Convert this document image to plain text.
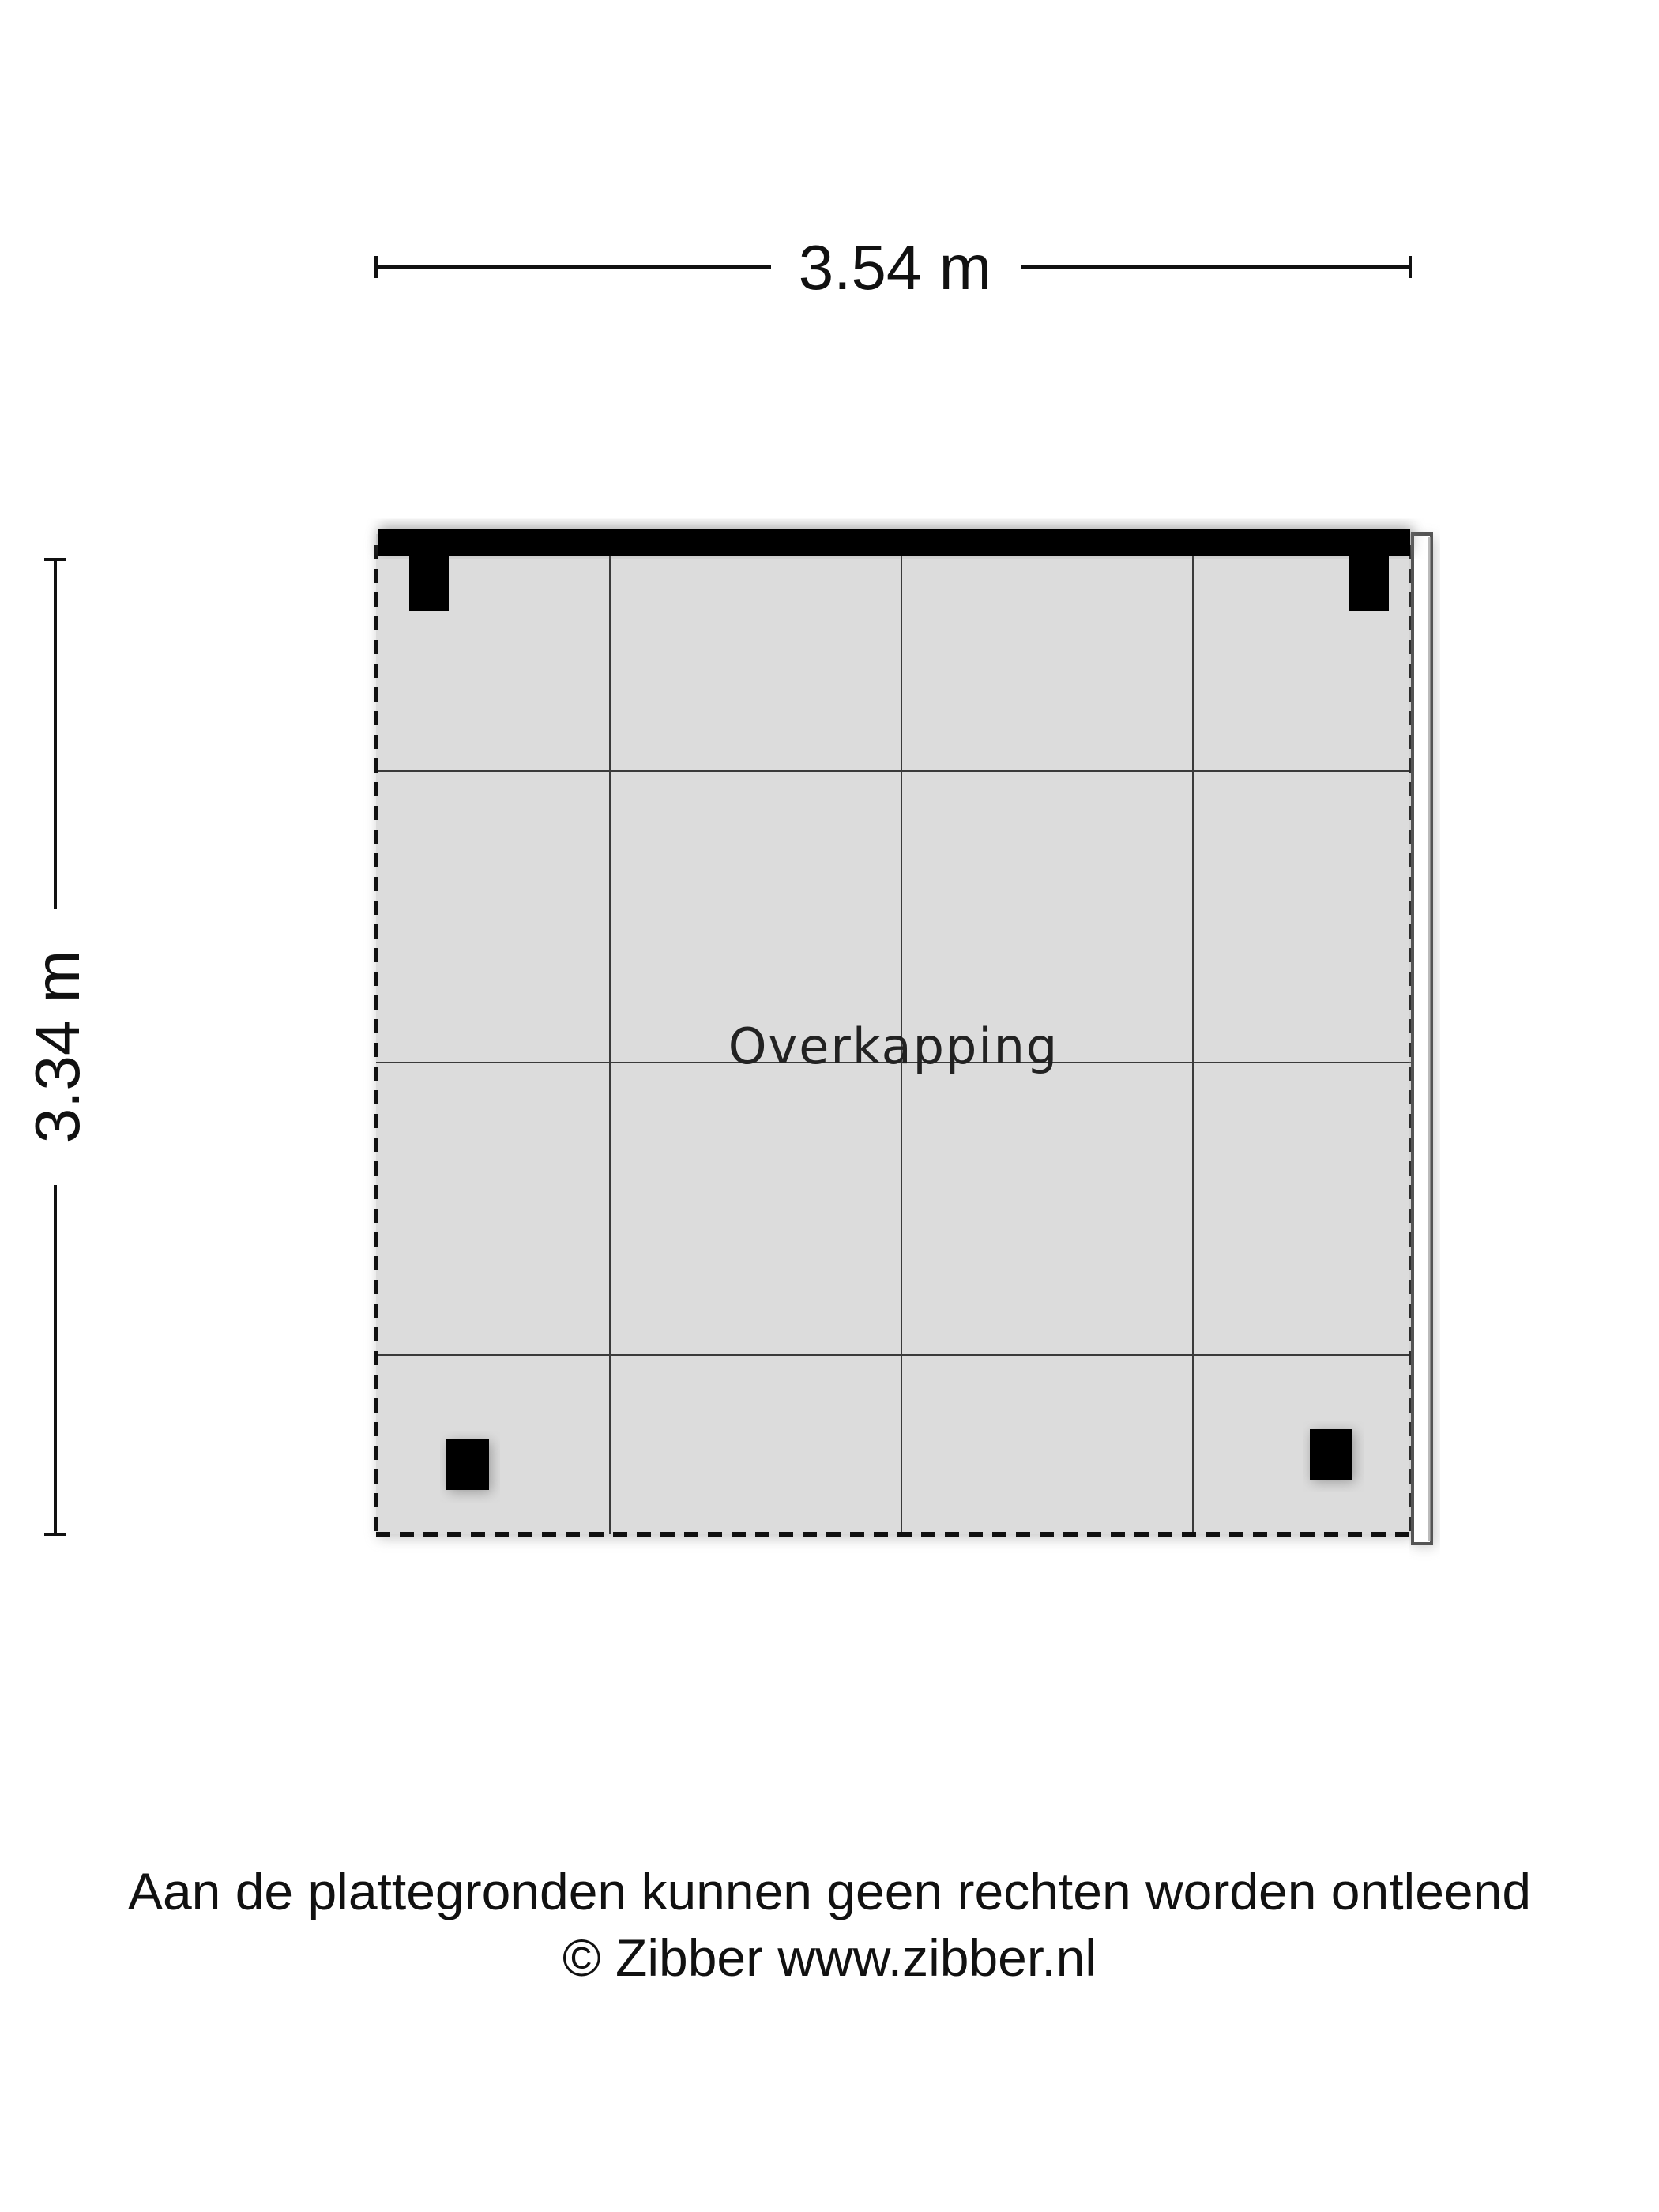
3.54 m
3.34 m	Overkapping
Aan de plattegronden kunnen geen rechten worden ontleend
© Zibber www.zibber.nl
